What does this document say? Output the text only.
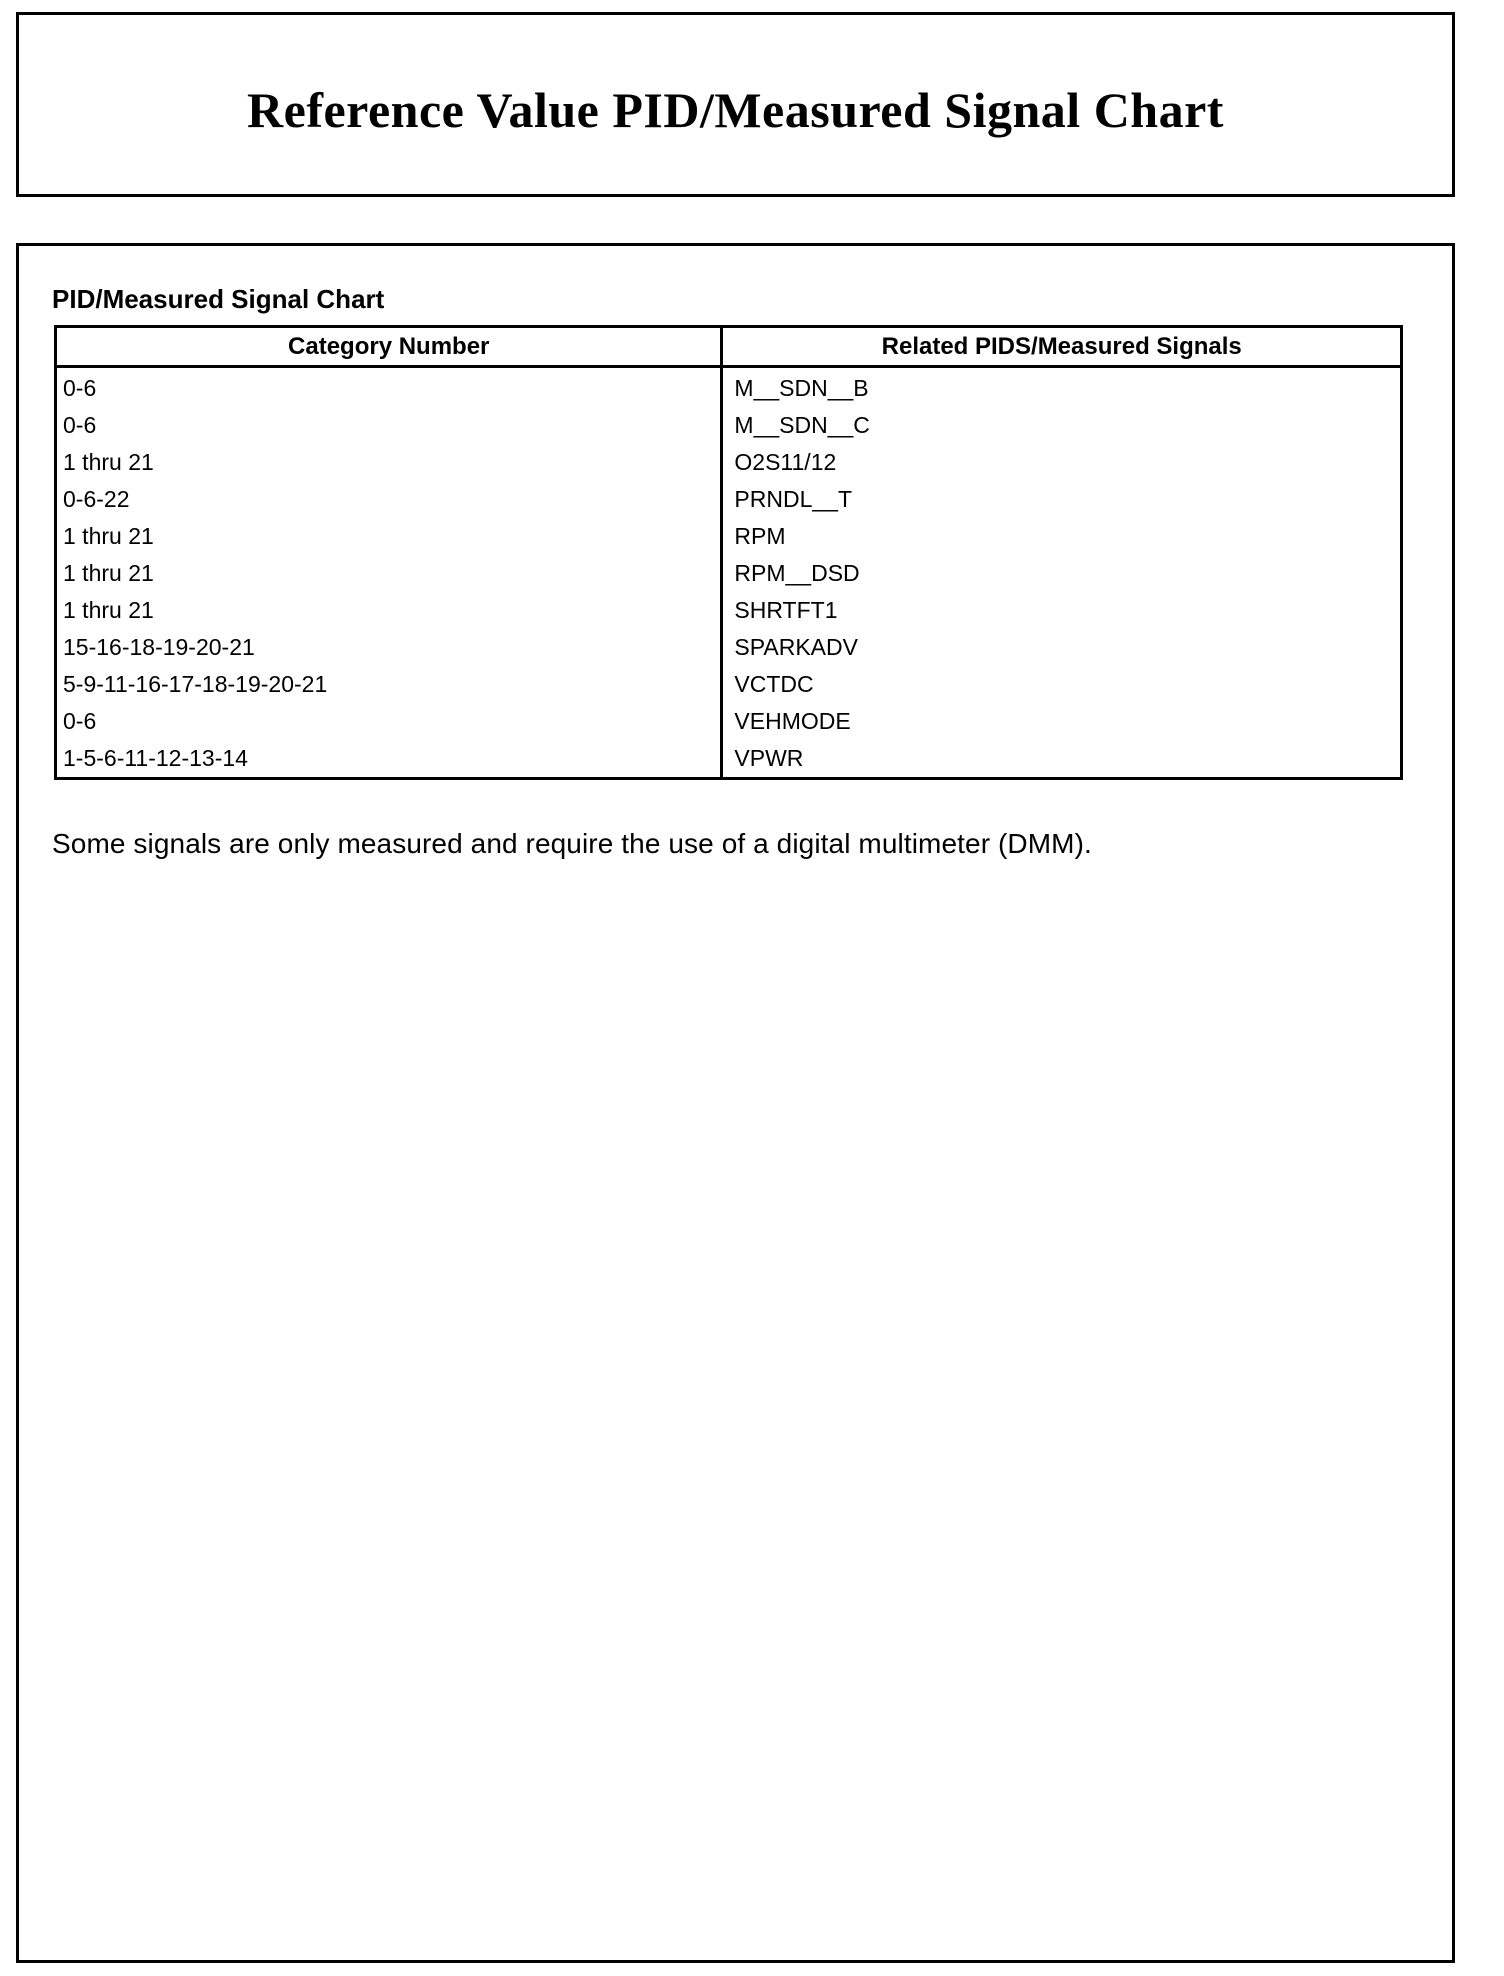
Reference Value PID/Measured Signal Chart

PID/Measured Signal Chart

Category Number	Related PIDS/Measured Signals
0-6	M__SDN__B
0-6	M__SDN__C
1 thru 21	O2S11/12
0-6-22	PRNDL__T
1 thru 21	RPM
1 thru 21	RPM__DSD
1 thru 21	SHRTFT1
15-16-18-19-20-21	SPARKADV
5-9-11-16-17-18-19-20-21	VCTDC
0-6	VEHMODE
1-5-6-11-12-13-14	VPWR

Some signals are only measured and require the use of a digital multimeter (DMM).
